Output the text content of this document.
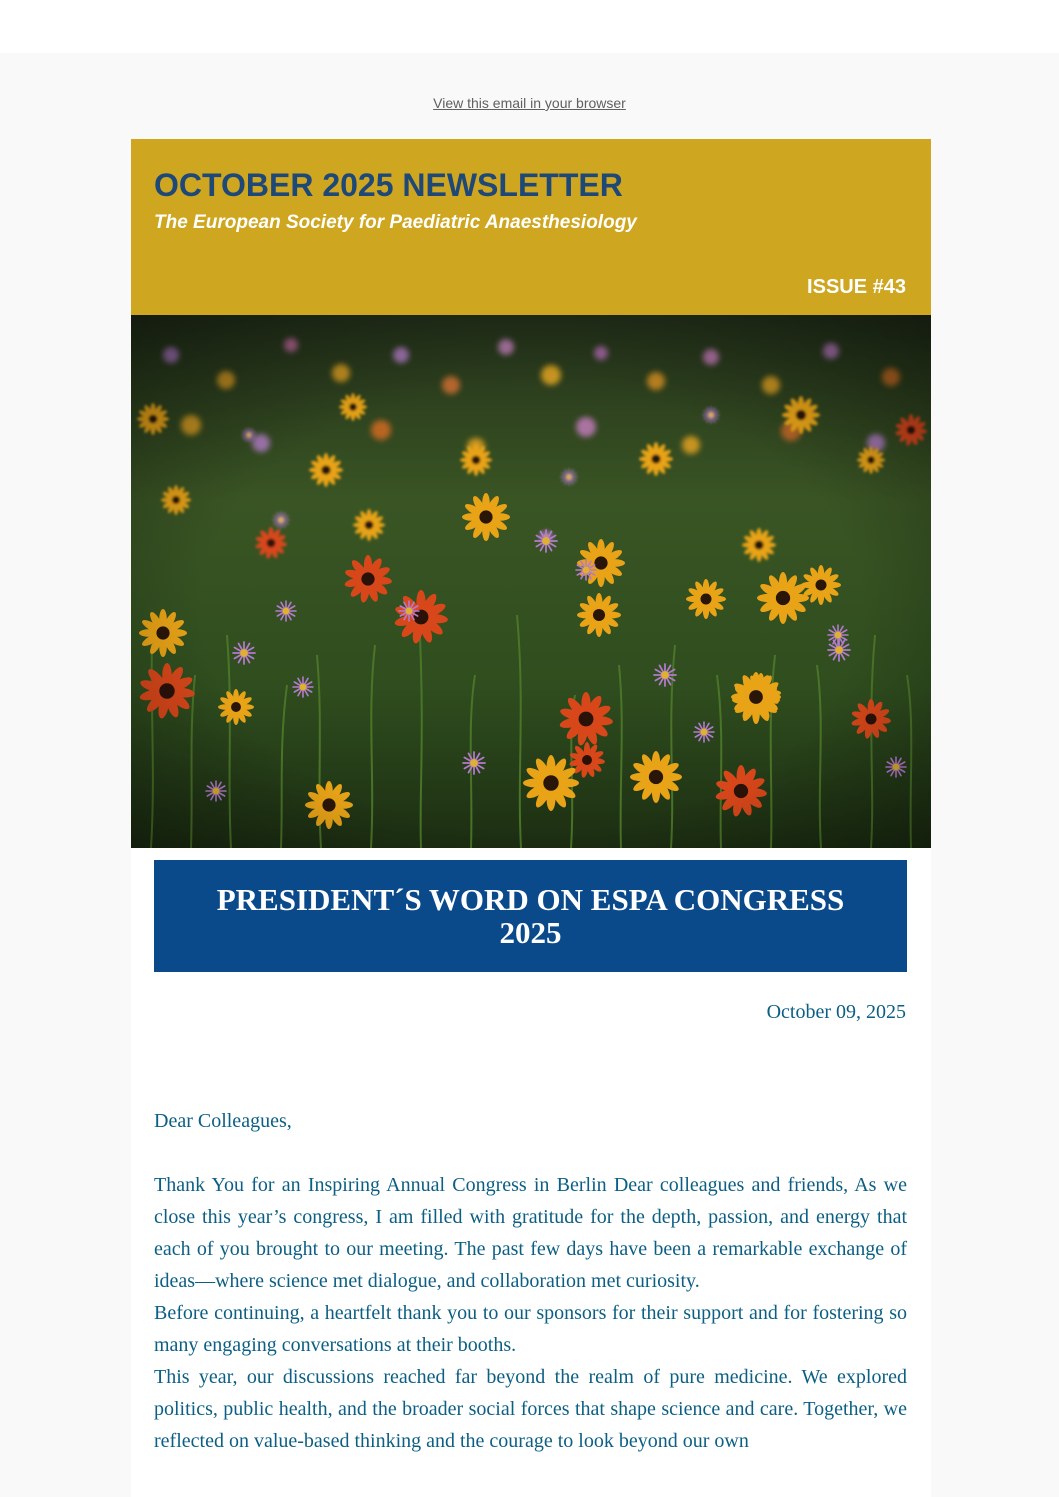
View this email in your browser
OCTOBER 2025 NEWSLETTER
The European Society for Paediatric Anaesthesiology
ISSUE #43
PRESIDENT´S WORD ON ESPA CONGRESS 2025
October 09, 2025

Dear Colleagues,

Thank You for an Inspiring Annual Congress in Berlin Dear colleagues and friends, As we close this year’s congress, I am filled with gratitude for the depth, passion, and energy that each of you brought to our meeting. The past few days have been a remarkable exchange of ideas—where science met dialogue, and collaboration met curiosity.

Before continuing, a heartfelt thank you to our sponsors for their support and for fostering so many engaging conversations at their booths.

This year, our discussions reached far beyond the realm of pure medicine. We explored politics, public health, and the broader social forces that shape science and care. Together, we reflected on value-based thinking and the courage to look beyond our own
